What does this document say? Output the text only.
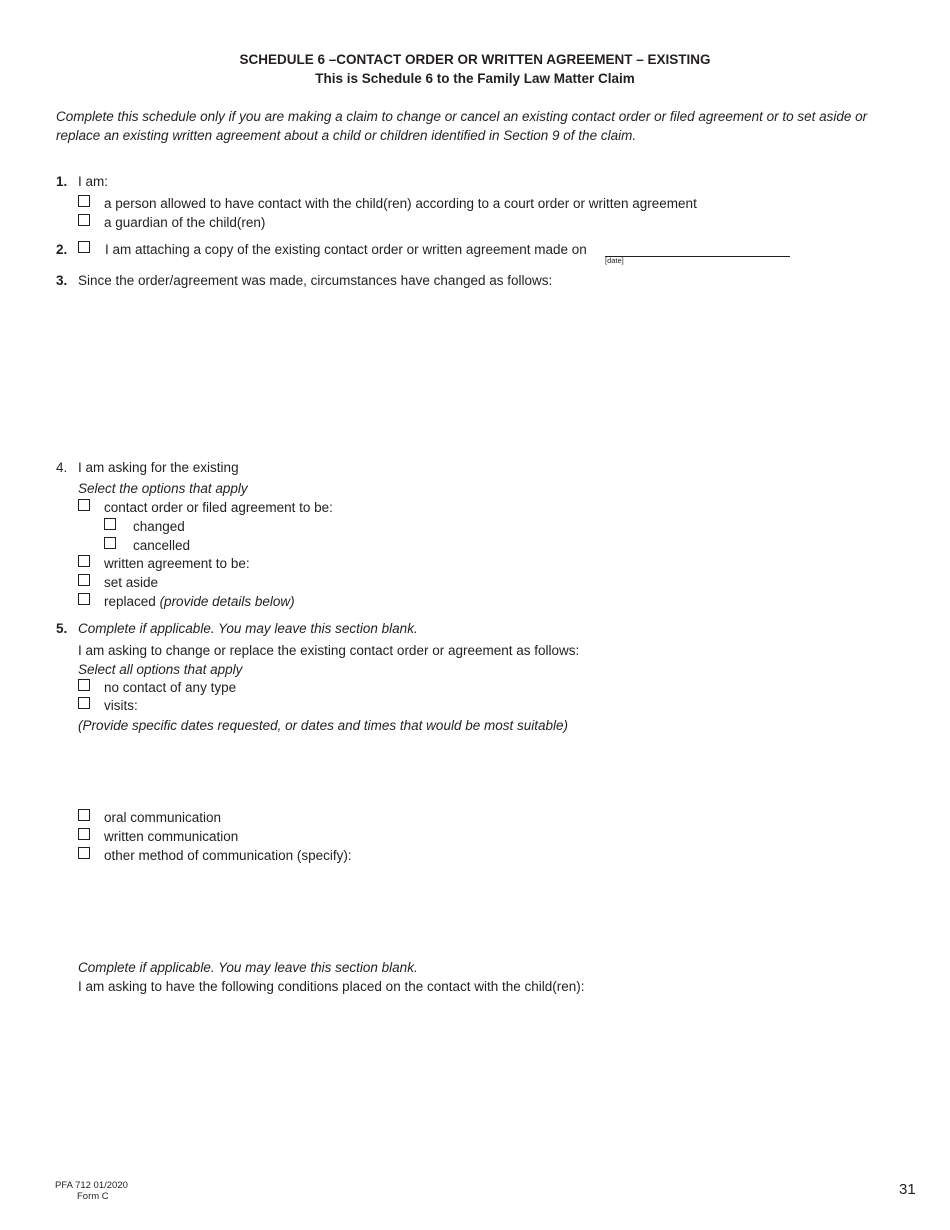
SCHEDULE 6 –CONTACT ORDER OR WRITTEN AGREEMENT – EXISTING
This is Schedule 6 to the Family Law Matter Claim
Complete this schedule only if you are making a claim to change or cancel an existing contact order or filed agreement or to set aside or replace an existing written agreement about a child or children identified in Section 9 of the claim.
1. I am:
a person allowed to have contact with the child(ren) according to a court order or written agreement
a guardian of the child(ren)
2.	I am attaching a copy of the existing contact order or written agreement made on
[date]
3. Since the order/agreement was made, circumstances have changed as follows:
4. I am asking for the existing
Select the options that apply
contact order or filed agreement to be:
changed
cancelled
written agreement to be:
set aside
replaced (provide details below)
5. Complete if applicable. You may leave this section blank.
I am asking to change or replace the existing contact order or agreement as follows:
Select all options that apply
no contact of any type
visits:
(Provide specific dates requested, or dates and times that would be most suitable)
oral communication
written communication
other method of communication (specify):
Complete if applicable. You may leave this section blank.
I am asking to have the following conditions placed on the contact with the child(ren):
PFA 712 01/2020
Form C	31
